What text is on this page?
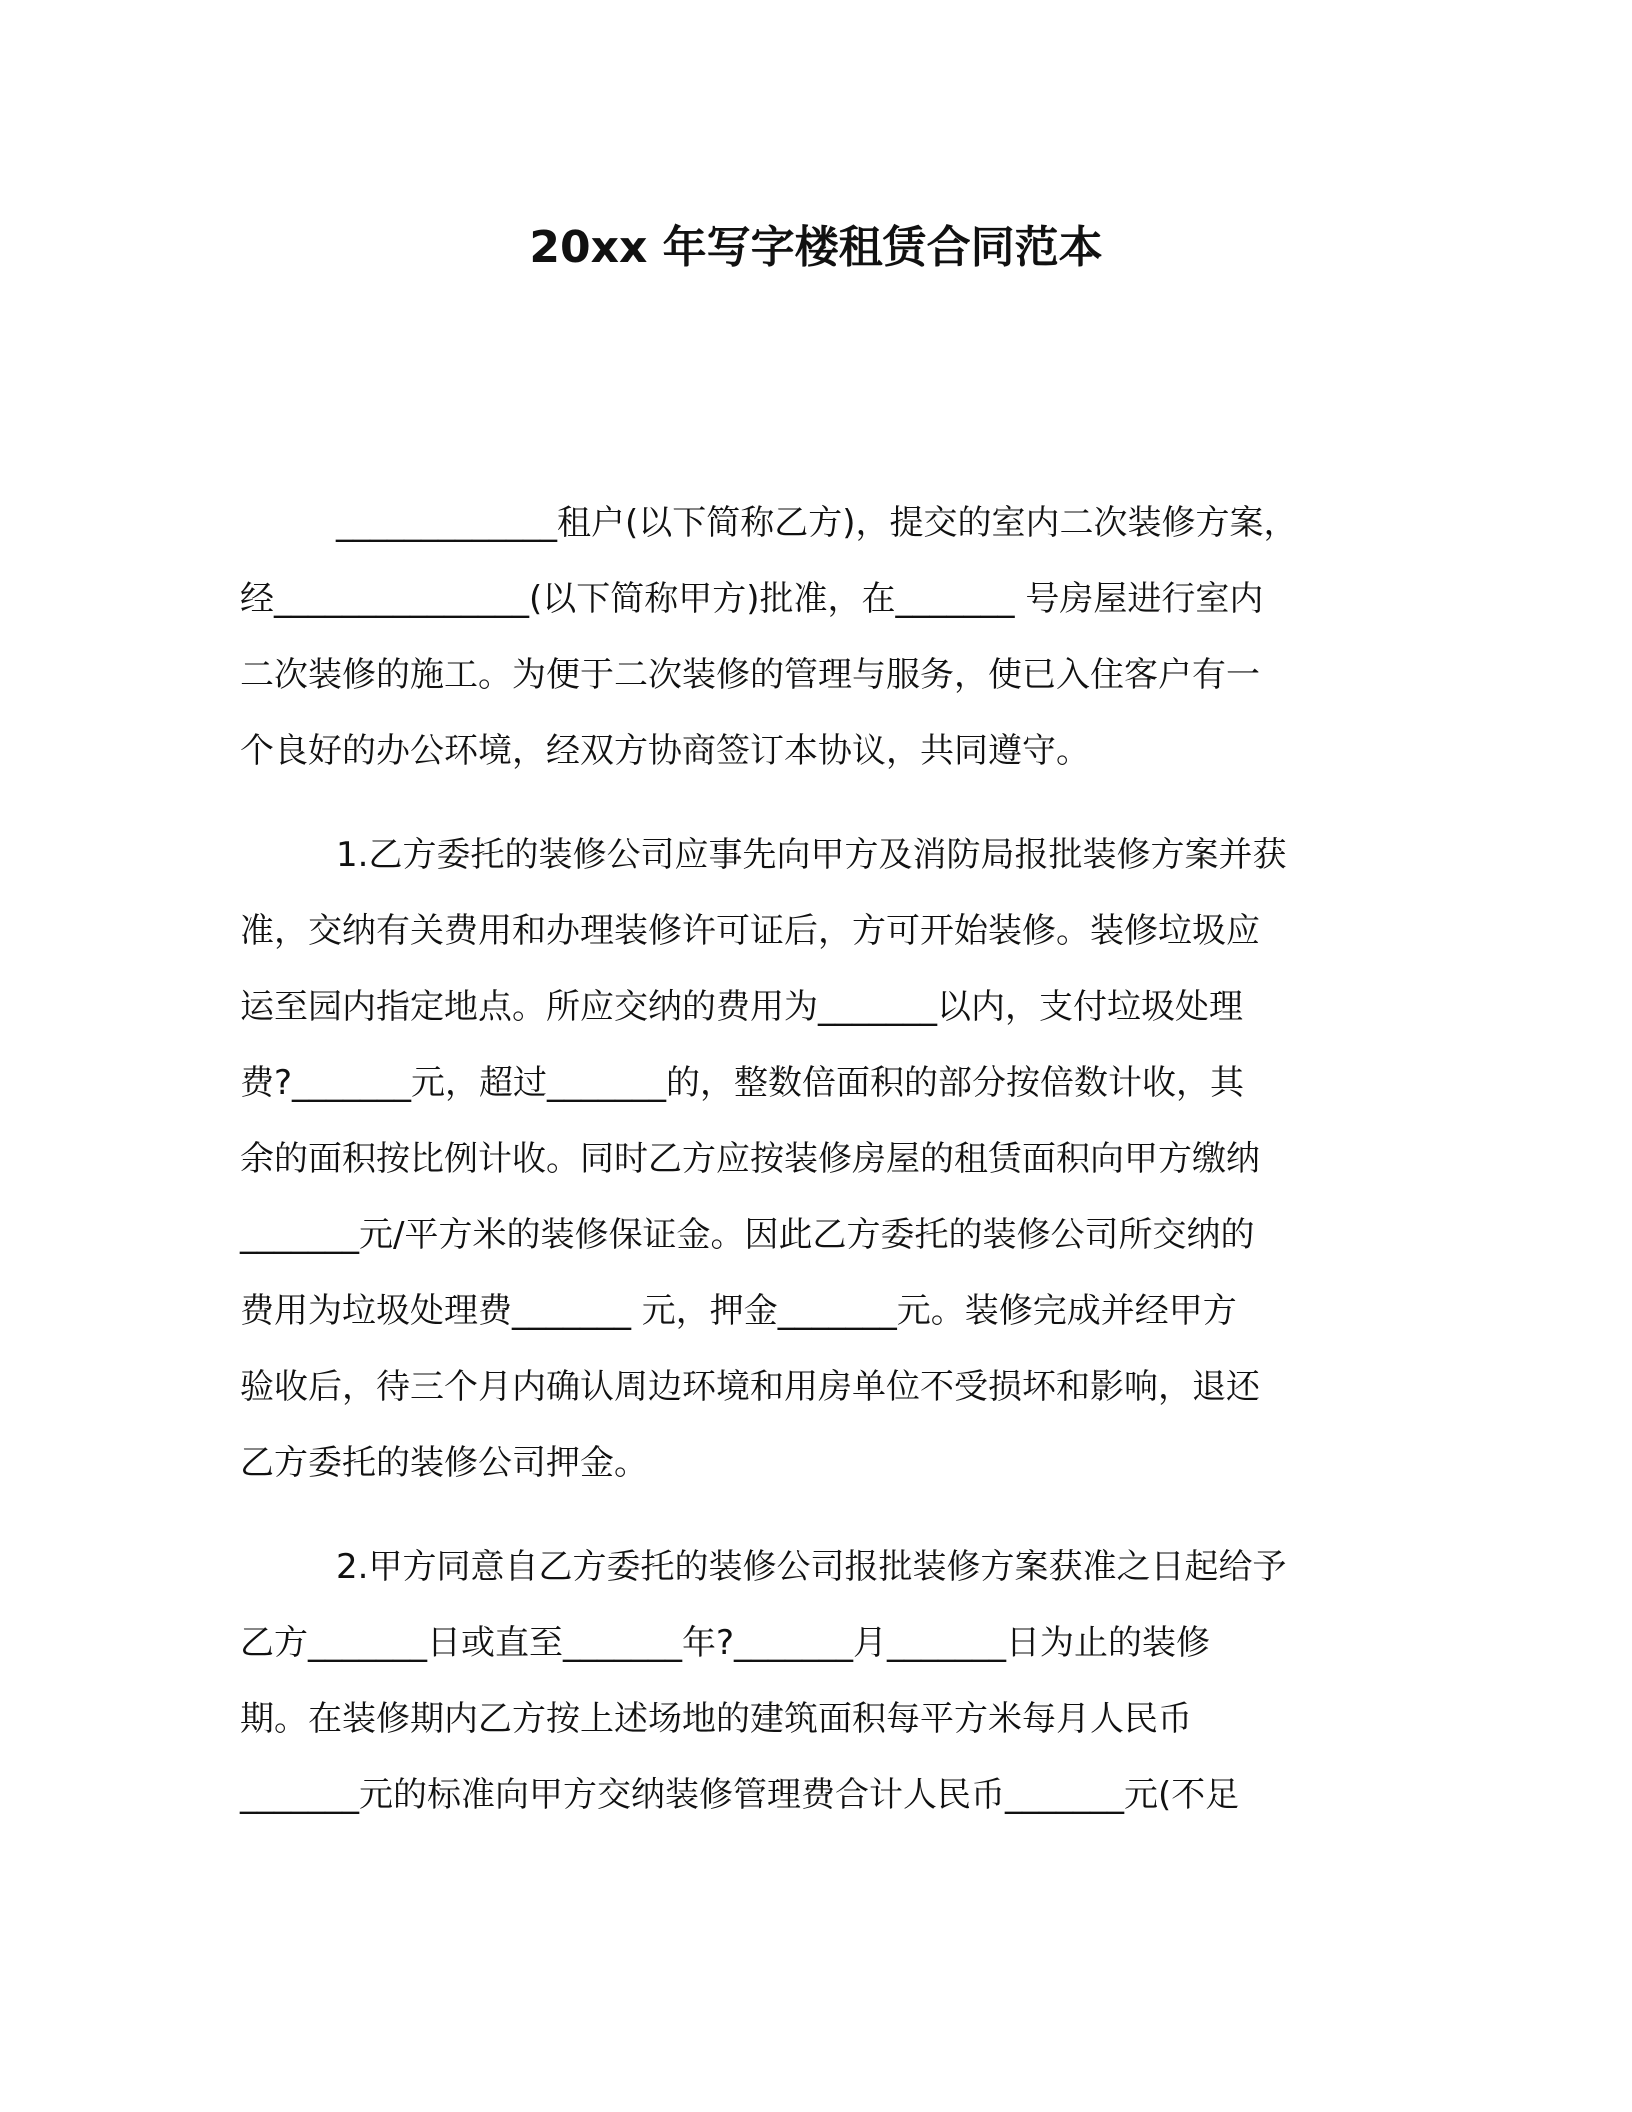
20xx 年写字楼租赁合同范本

_____________租户(以下简称乙方)，提交的室内二次装修方案，

经_______________(以下简称甲方)批准，在_______ 号房屋进行室内

二次装修的施工。为便于二次装修的管理与服务，使已入住客户有一

个良好的办公环境，经双方协商签订本协议，共同遵守。

1.乙方委托的装修公司应事先向甲方及消防局报批装修方案并获

准，交纳有关费用和办理装修许可证后，方可开始装修。装修垃圾应

运至园内指定地点。所应交纳的费用为_______以内，支付垃圾处理

费?_______元，超过_______的，整数倍面积的部分按倍数计收，其

余的面积按比例计收。同时乙方应按装修房屋的租赁面积向甲方缴纳

_______元/平方米的装修保证金。因此乙方委托的装修公司所交纳的

费用为垃圾处理费_______ 元，押金_______元。装修完成并经甲方

验收后，待三个月内确认周边环境和用房单位不受损坏和影响，退还

乙方委托的装修公司押金。

2.甲方同意自乙方委托的装修公司报批装修方案获准之日起给予

乙方_______日或直至_______年?_______月_______日为止的装修

期。在装修期内乙方按上述场地的建筑面积每平方米每月人民币

_______元的标准向甲方交纳装修管理费合计人民币_______元(不足
